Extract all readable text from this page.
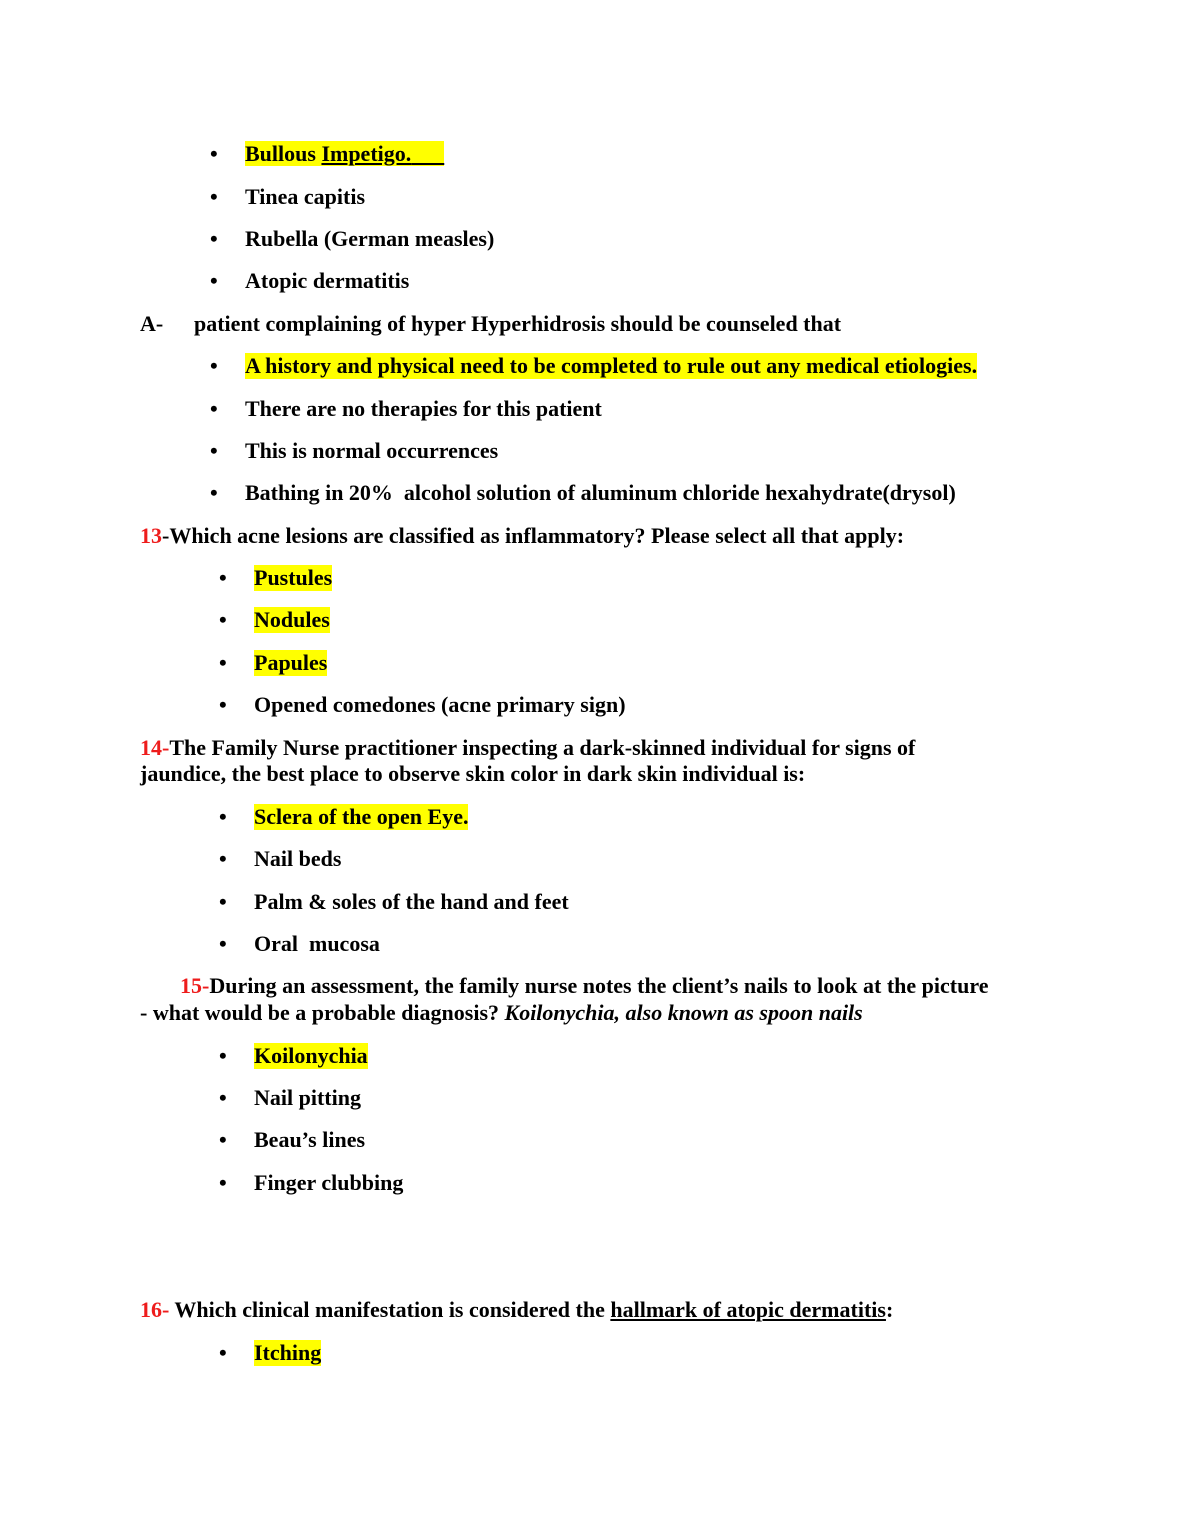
• Bullous Impetigo.
• Tinea capitis
• Rubella (German measles)
• Atopic dermatitis
A- patient complaining of hyper Hyperhidrosis should be counseled that
• A history and physical need to be completed to rule out any medical etiologies.
• There are no therapies for this patient
• This is normal occurrences
• Bathing in 20%  alcohol solution of aluminum chloride hexahydrate(drysol)
13-Which acne lesions are classified as inflammatory? Please select all that apply:
• Pustules
• Nodules
• Papules
• Opened comedones (acne primary sign)
14-The Family Nurse practitioner inspecting a dark-skinned individual for signs of
jaundice, the best place to observe skin color in dark skin individual is:
• Sclera of the open Eye.
• Nail beds
• Palm & soles of the hand and feet
• Oral  mucosa
15-During an assessment, the family nurse notes the client’s nails to look at the picture
- what would be a probable diagnosis? Koilonychia, also known as spoon nails
• Koilonychia
• Nail pitting
• Beau’s lines
• Finger clubbing
16- Which clinical manifestation is considered the hallmark of atopic dermatitis:
• Itching
